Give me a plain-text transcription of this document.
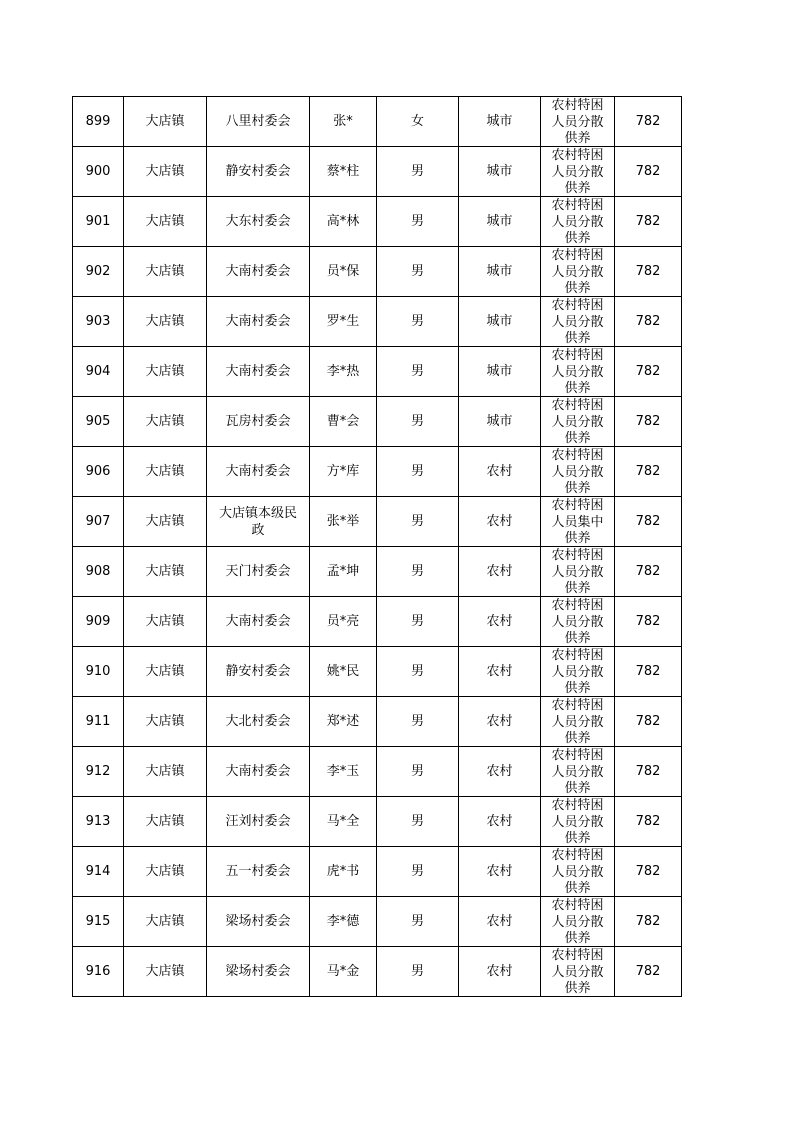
899	大店镇	八里村委会	张*	女	城市	农村特困人员分散供养	782
900	大店镇	静安村委会	蔡*柱	男	城市	农村特困人员分散供养	782
901	大店镇	大东村委会	高*林	男	城市	农村特困人员分散供养	782
902	大店镇	大南村委会	员*保	男	城市	农村特困人员分散供养	782
903	大店镇	大南村委会	罗*生	男	城市	农村特困人员分散供养	782
904	大店镇	大南村委会	李*热	男	城市	农村特困人员分散供养	782
905	大店镇	瓦房村委会	曹*会	男	城市	农村特困人员分散供养	782
906	大店镇	大南村委会	方*库	男	农村	农村特困人员分散供养	782
907	大店镇	大店镇本级民政	张*举	男	农村	农村特困人员集中供养	782
908	大店镇	天门村委会	孟*坤	男	农村	农村特困人员分散供养	782
909	大店镇	大南村委会	员*亮	男	农村	农村特困人员分散供养	782
910	大店镇	静安村委会	姚*民	男	农村	农村特困人员分散供养	782
911	大店镇	大北村委会	郑*述	男	农村	农村特困人员分散供养	782
912	大店镇	大南村委会	李*玉	男	农村	农村特困人员分散供养	782
913	大店镇	汪刘村委会	马*全	男	农村	农村特困人员分散供养	782
914	大店镇	五一村委会	虎*书	男	农村	农村特困人员分散供养	782
915	大店镇	梁场村委会	李*德	男	农村	农村特困人员分散供养	782
916	大店镇	梁场村委会	马*金	男	农村	农村特困人员分散供养	782
